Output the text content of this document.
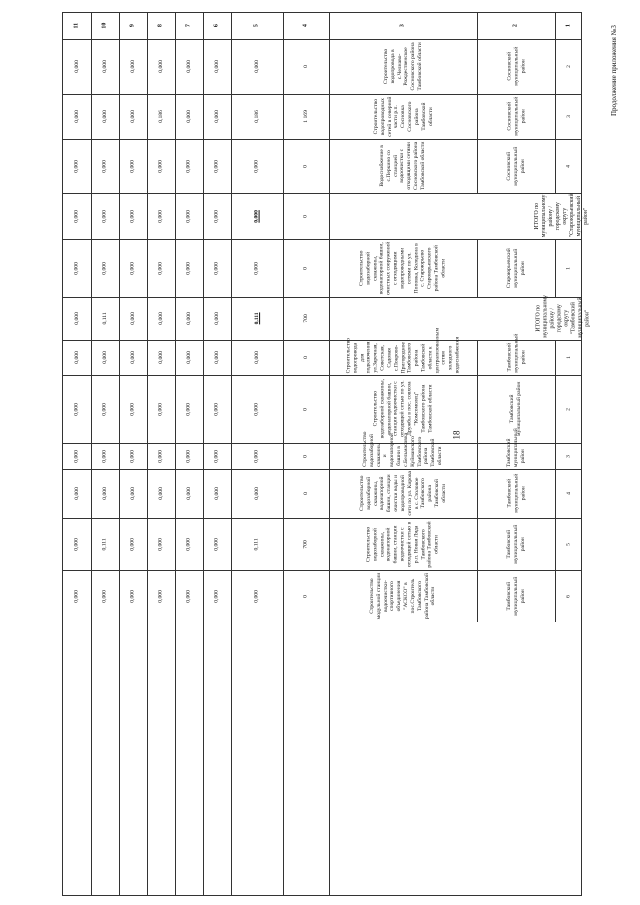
18
Продолжение приложения №3
1
2
3
4
5
6
7
8
9
10
11
2
Сосновский муниципальный район
Строительство водопровода в с.Челнаво-Рождественское Сосновского района Тамбовской области
0
0,000
0,000
0,000
0,000
0,000
0,000
0,000
3
Сосновский муниципальный район
Строительство водопроводных сетей в северной части р.п. Сосновка Сосновского района Тамбовской области
1 169
0,186
0,000
0,000
0,186
0,000
0,000
0,000
4
Сосновский муниципальный район
Водоснабжение в с.Перкино со станцией водоочистки с отходящими сетями Сосновского района Тамбовской области
0
0,000
0,000
0,000
0,000
0,000
0,000
0,000
ИТОГО по муниципальному району / городскому округу "Староюрьевский муниципальный район"
0
0,000
0,000
0,000
0,000
0,000
0,000
0,000
1
Староюрьевский муниципальный район
Строительство водозаборной скважины, водонапорной башни, очистных сооружений с отходящими водопроводными сетями по ул. Поповка, Колодина в с. Староюрьево Староюрьевского района Тамбовской области
0
0,000
0,000
0,000
0,000
0,000
0,000
0,000
ИТОГО по муниципальному району / городскому округу "Тамбовский муниципальный район"
700
0,111
0,000
0,000
0,000
0,000
0,111
0,000
1
Тамбовский муниципальный район
Строительство водопровода для подключения ул.Заречная, Советская, Садовая с.Покрово-Пригородное Тамбовского района Тамбовской области к централизованным сетям холодного водоснабжения
0
0,000
0,000
0,000
0,000
0,000
0,000
0,000
2
Тамбовский муниципальный район
Строительство водозаборной скважины, водонапорной башни, станции водоочистки с отходящей сетью по ул. Дружбы в пос. совхоза "Комсомолец" Тамбовского района Тамбовской области
0
0,000
0,000
0,000
0,000
0,000
0,000
0,000
3
Тамбовский муниципальный район
Строительство водозаборной скважины и водонапорной башни в с.Бельмасовка Куйманского Тамбовского района Тамбовской области
0
0,000
0,000
0,000
0,000
0,000
0,000
0,000
4
Тамбовский муниципальный район
Строительство водозаборной скважины, водонапорной башни, станции очистки воды и водопроводной сети по ул. Кирова в с. Столовое Тамбовского района Тамбовской области
0
0,000
0,000
0,000
0,000
0,000
0,000
0,000
5
Тамбовский муниципальный район
Строительство водозаборной скважины, водонапорной башни, станции водоочистки с отходящей сетью в р.п. Новая Ляда Тамбовского района Тамбовской области
700
0,111
0,000
0,000
0,000
0,000
0,111
0,000
6
Тамбовский муниципальный район
Строительство модульной станции водоочистки-спортивного объединения "АСКСО" в пос.Строитель Тамбовского района Тамбовской области
0
0,000
0,000
0,000
0,000
0,000
0,000
0,000
